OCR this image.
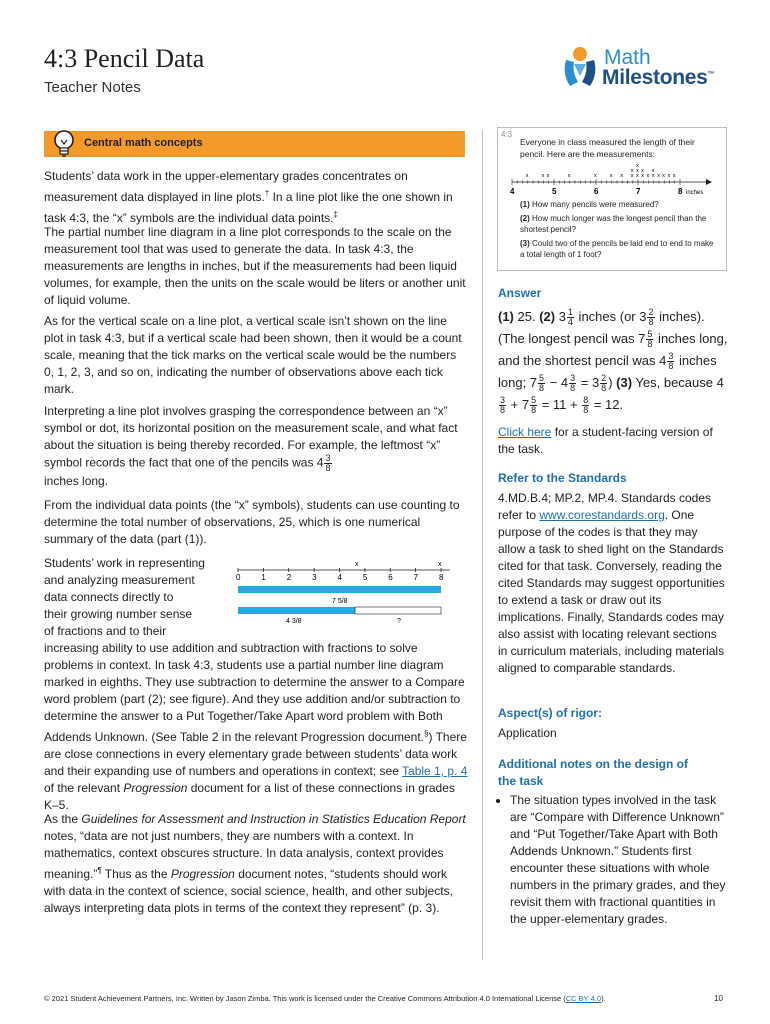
4:3 Pencil Data
Teacher Notes
Math
Milestones™
Central math concepts
Students’ data work in the upper-elementary grades concentrates on measurement data displayed in line plots.† In a line plot like the one shown in task 4:3, the “x” symbols are the individual data points.‡
The partial number line diagram in a line plot corresponds to the scale on the measurement tool that was used to generate the data. In task 4:3, the measurements are lengths in inches, but if the measurements had been liquid volumes, for example, then the units on the scale would be liters or another unit of liquid volume.
As for the vertical scale on a line plot, a vertical scale isn’t shown on the line plot in task 4:3, but if a vertical scale had been shown, then it would be a count scale, meaning that the tick marks on the vertical scale would be the numbers 0, 1, 2, 3, and so on, indicating the number of observations above each tick mark.
Interpreting a line plot involves grasping the correspondence between an “x” symbol or dot, its horizontal position on the measurement scale, and what fact about the situation is being thereby recorded. For example, the leftmost “x” symbol records the fact that one of the pencils was $4 \frac{3}{8}$

inches long.
From the individual data points (the “x” symbols), students can use counting to determine the total number of observations, 25, which is one numerical summary of the data (part (1)).
Students’ work in representing
and analyzing measurement
data connects directly to
their growing number sense
of fractions and to their
0	1	2	3	4	5	6	7	8
x	x
7 5/8
4 3/8	?
increasing ability to use addition and subtraction with fractions to solve problems in context. In task 4:3, students use a partial number line diagram marked in eighths. They use subtraction to determine the answer to a Compare word problem (part (2); see figure). And they use addition and/or subtraction to determine the answer to a Put Together/Take Apart word problem with Both Addends Unknown. (See Table 2 in the relevant Progression document.§) There are close connections in every elementary grade between students’ data work and their expanding use of numbers and operations in context; see Table 1, p. 4 of the relevant Progression document for a list of these connections in grades K–5.
As the Guidelines for Assessment and Instruction in Statistics Education Report notes, “data are not just numbers, they are numbers with a context. In mathematics, context obscures structure. In data analysis, context provides meaning.”¶ Thus as the Progression document notes, “students should work with data in the context of science, social science, health, and other subjects, always interpreting data plots in terms of the context they represent” (p. 3).
4:3
Everyone in class measured the length of their pencil. Here are the measurements:
x x x	x	x x x x
x
x
x
x
x
x
x x
x
x x x x
4	5	6	7	8 inches
(1) How many pencils were measured?
(2) How much longer was the longest pencil than the shortest pencil?
(3) Could two of the pencils be laid end to end to make a total length of 1 foot?
Answer
(1) 25. (2) $3 \frac{1}{4}$ inches (or $3 \frac{2}{8}$ inches). (The longest pencil was $7 \frac{5}{8}$ inches long, and the shortest pencil was $4 \frac{3}{8}$ inches long; $7 \frac{5}{8} - 4 \frac{3}{8} = 3 \frac{2}{8}$ ) (3) Yes, because 4
$\frac{3}{8} + 7 \frac{5}{8} = 11 + \frac{8}{8} = 12$.
Click here for a student-facing version of the task.
Refer to the Standards
4.MD.B.4; MP.2, MP.4. Standards codes refer to www.corestandards.org. One purpose of the codes is that they may allow a task to shed light on the Standards cited for that task. Conversely, reading the cited Standards may suggest opportunities to extend a task or draw out its implications. Finally, Standards codes may also assist with locating relevant sections in curriculum materials, including materials aligned to comparable standards.
Aspect(s) of rigor:
Application
Additional notes on the design of the task
• The situation types involved in the task are “Compare with Difference Unknown” and “Put Together/Take Apart with Both Addends Unknown.” Students first encounter these situations with whole numbers in the primary grades, and they revisit them with fractional quantities in the upper-elementary grades.
© 2021 Student Achievement Partners, Inc. Written by Jason Zimba. This work is licensed under the Creative Commons Attribution 4.0 International License (CC BY 4.0).	10
